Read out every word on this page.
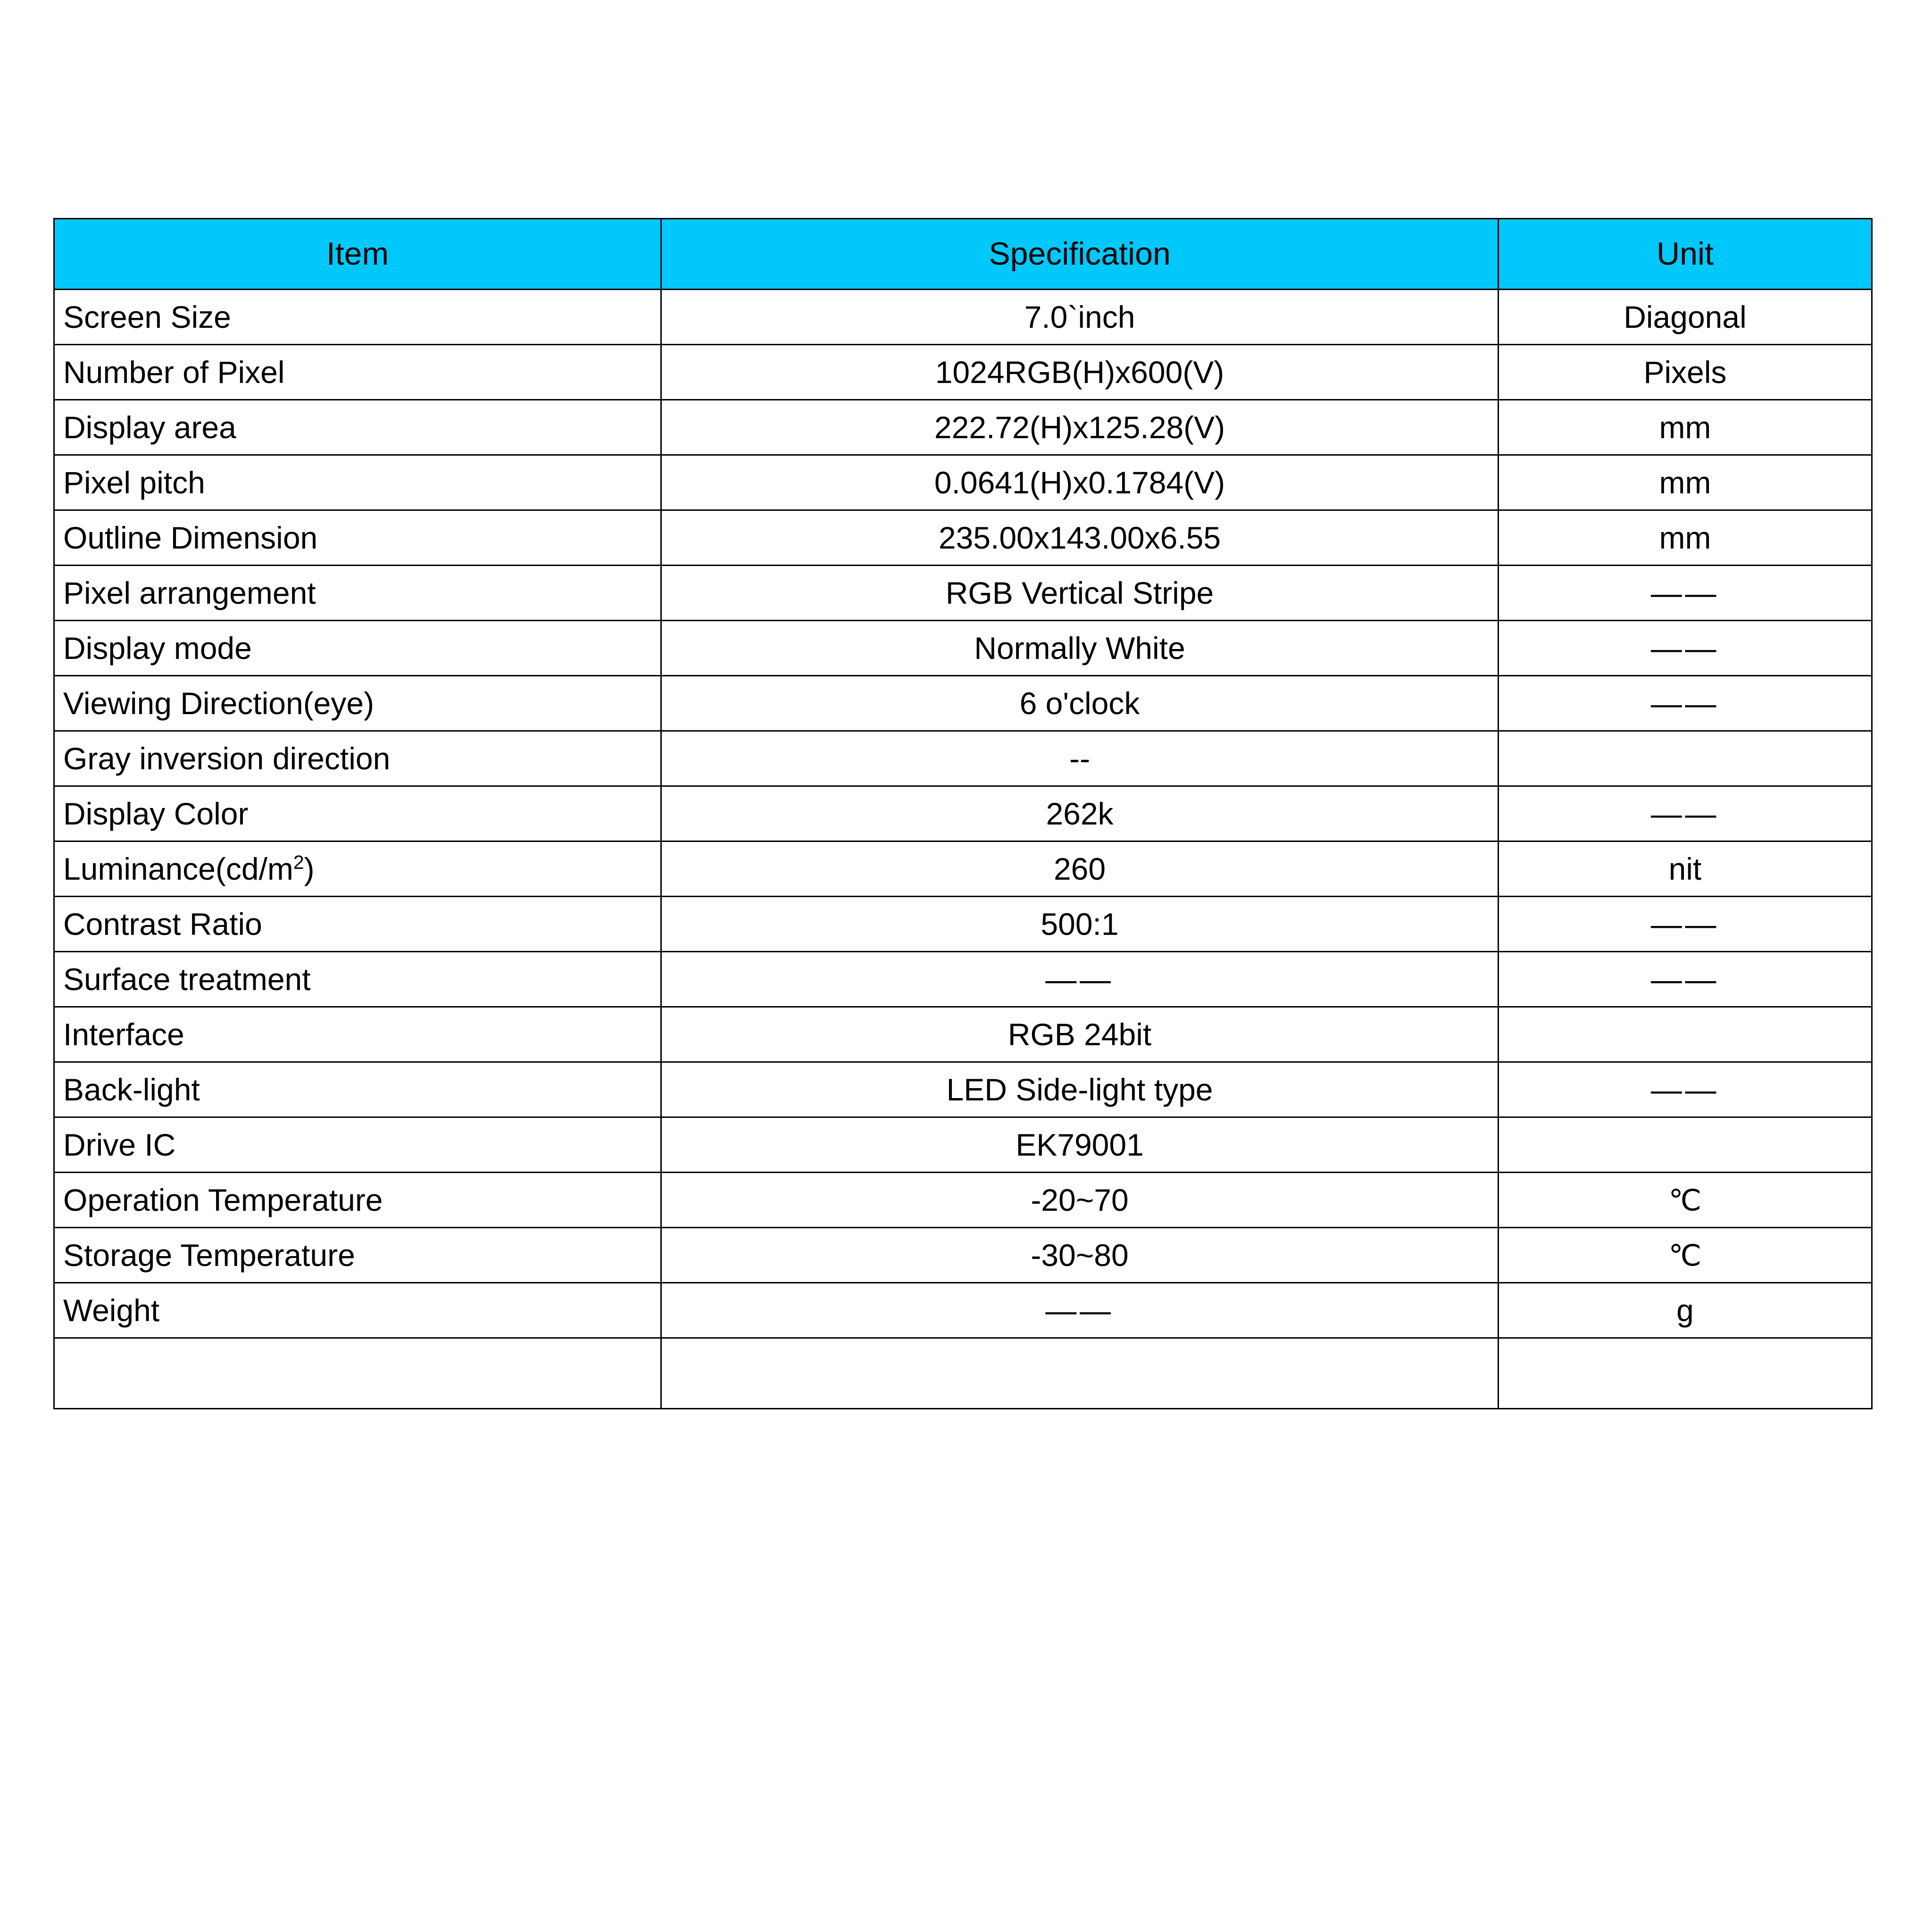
Item	Specification	Unit
Screen Size	7.0`inch	Diagonal
Number of Pixel	1024RGB(H)x600(V)	Pixels
Display area	222.72(H)x125.28(V)	mm
Pixel pitch	0.0641(H)x0.1784(V)	mm
Outline Dimension	235.00x143.00x6.55	mm
Pixel arrangement	RGB Vertical Stripe	——
Display mode	Normally White	——
Viewing Direction(eye)	6 o'clock	——
Gray inversion direction	--	
Display Color	262k	——
$Luminance(cd/m^2)$	260	nit
Contrast Ratio	500:1	——
Surface treatment	——	——
Interface	RGB 24bit	
Back-light	LED Side-light type	——
Drive IC	EK79001	
Operation Temperature	-20~70	℃
Storage Temperature	-30~80	℃
Weight	——	g
